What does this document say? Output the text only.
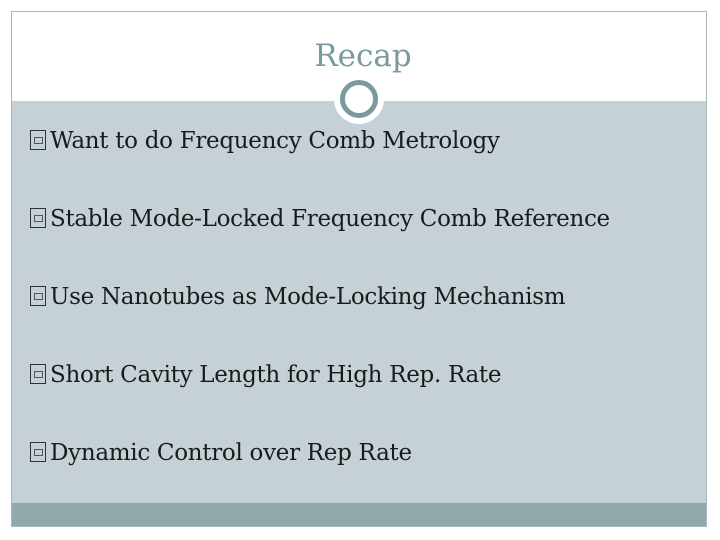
Recap
Want to do Frequency Comb Metrology
Stable Mode-Locked Frequency Comb Reference
Use Nanotubes as Mode-Locking Mechanism
Short Cavity Length for High Rep. Rate
Dynamic Control over Rep Rate
